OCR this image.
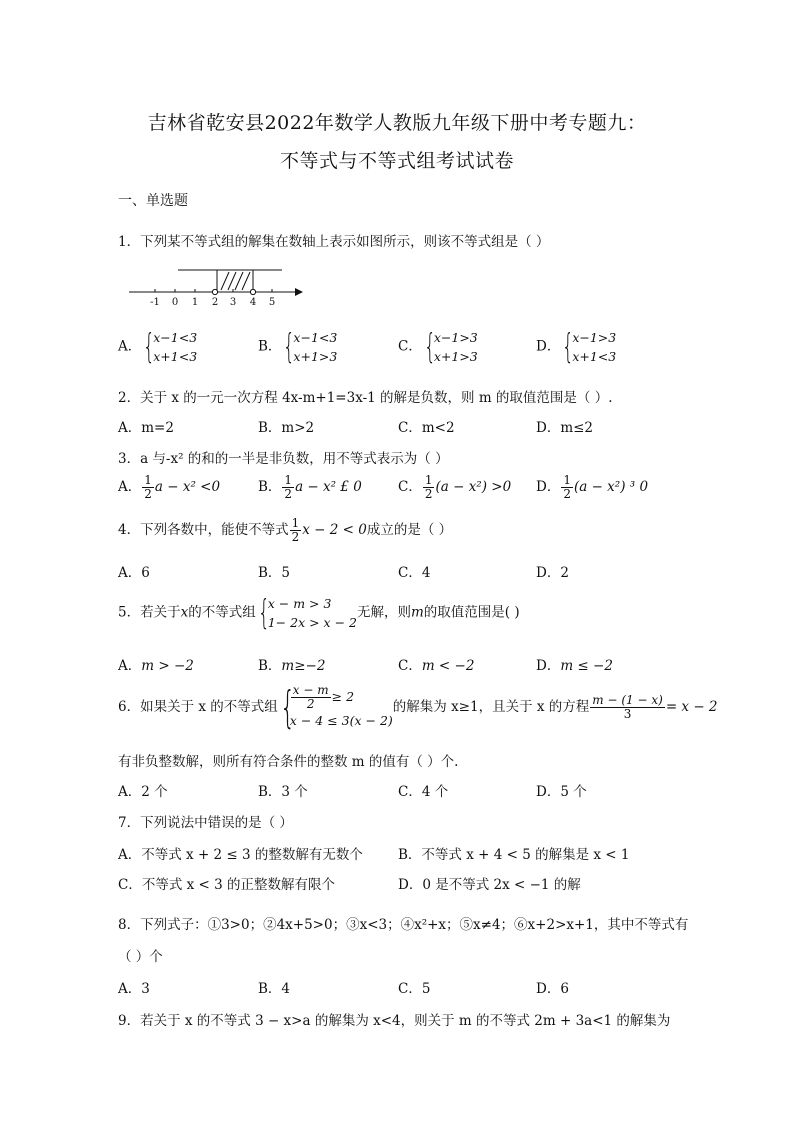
吉林省乾安县2022年数学人教版九年级下册中考专题九：
不等式与不等式组考试试卷
一、单选题
1．下列某不等式组的解集在数轴上表示如图所示，则该不等式组是（ ）
-1 0 1 2 3 4 5
A． {
x−1<3
x+1<3
B． {
x−1<3
x+1>3
C． {
x−1>3
x+1>3
D． {
x−1>3
x+1<3
2．关于 x 的一元一次方程 4x-m+1=3x-1 的解是负数，则 m 的取值范围是（ ）.
A．m=2	B．m>2	C．m<2	D．m≤2
3．a 与-x² 的和的一半是非负数，用不等式表示为（ ）
A． $\frac{1}{2}$ a − x² <0	B． $\frac{1}{2}$ a − x² £ 0	C． $\frac{1}{2} (a - x^2) >0$ D． $\frac{1}{2} (a - x^2)$ ³ 0
4．下列各数中，能使不等式 $\frac{1}{2}$ x − 2 < 0成立的是（ ）
A．6	B．5	C．4	D．2
5．若关于x的不等式组 {
x − m > 3
1− 2x > x − 2
无解，则m的取值范围是( )
A．m > −2	B．m≥−2	C．m < −2	D．m ≤ −2
6．如果关于 x 的不等式组 {
$\frac{x - m}{2} \ge 2$
x − 4 ≤ 3(x − 2)
的解集为 x≥1，且关于 x 的方程 $\frac{m - (1 - x)}{3} = x - 2$
有非负整数解，则所有符合条件的整数 m 的值有（ ）个.
A．2 个	B．3 个	C．4 个	D．5 个
7．下列说法中错误的是（ ）
A．不等式 x + 2 ≤ 3 的整数解有无数个	B．不等式 x + 4 < 5 的解集是 x < 1
C．不等式 x < 3 的正整数解有限个	D．0 是不等式 2x < −1 的解
8．下列式子：①3>0；②4x+5>0；③x<3；④x²+x；⑤x≠4；⑥x+2>x+1，其中不等式有
（ ）个
A．3	B．4	C．5	D．6
9．若关于 x 的不等式 3 − x>a 的解集为 x<4，则关于 m 的不等式 2m + 3a<1 的解集为
